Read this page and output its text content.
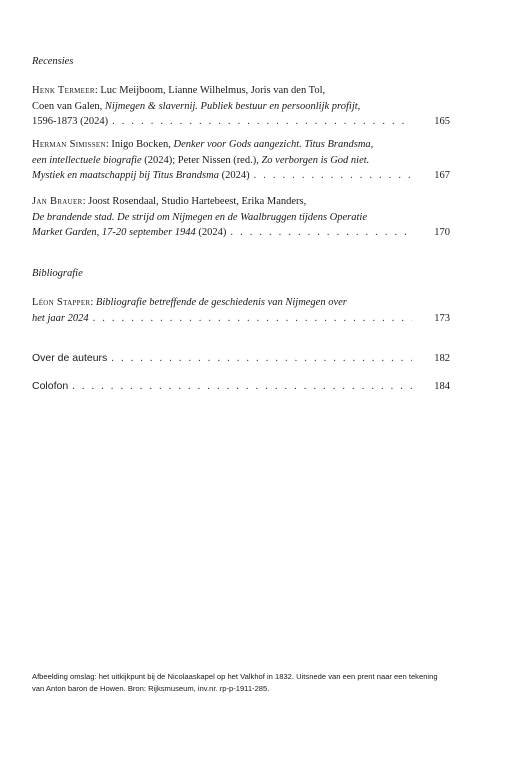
Recensies
Henk Termeer: Luc Meijboom, Lianne Wilhelmus, Joris van den Tol,
Coen van Galen, Nijmegen & slavernij. Publiek bestuur en persoonlijk profijt,
1596-1873 (2024) . . .	165
Herman Simissen: Inigo Bocken, Denker voor Gods aangezicht. Titus Brandsma,
een intellectuele biografie (2024); Peter Nissen (red.), Zo verborgen is God niet.
Mystiek en maatschappij bij Titus Brandsma (2024) . . .	167
Jan Brauer: Joost Rosendaal, Studio Hartebeest, Erika Manders,
De brandende stad. De strijd om Nijmegen en de Waalbruggen tijdens Operatie
Market Garden, 17-20 september 1944 (2024) . . .	170
Bibliografie
Léon Stapper: Bibliografie betreffende de geschiedenis van Nijmegen over
het jaar 2024 . . .	173
Over de auteurs . . .	182
Colofon . . .	184
Afbeelding omslag: het uitkijkpunt bij de Nicolaaskapel op het Valkhof in 1832. Uitsnede van een prent naar een tekening
van Anton baron de Howen. Bron: Rijksmuseum, inv.nr. rp-p-1911-285.
